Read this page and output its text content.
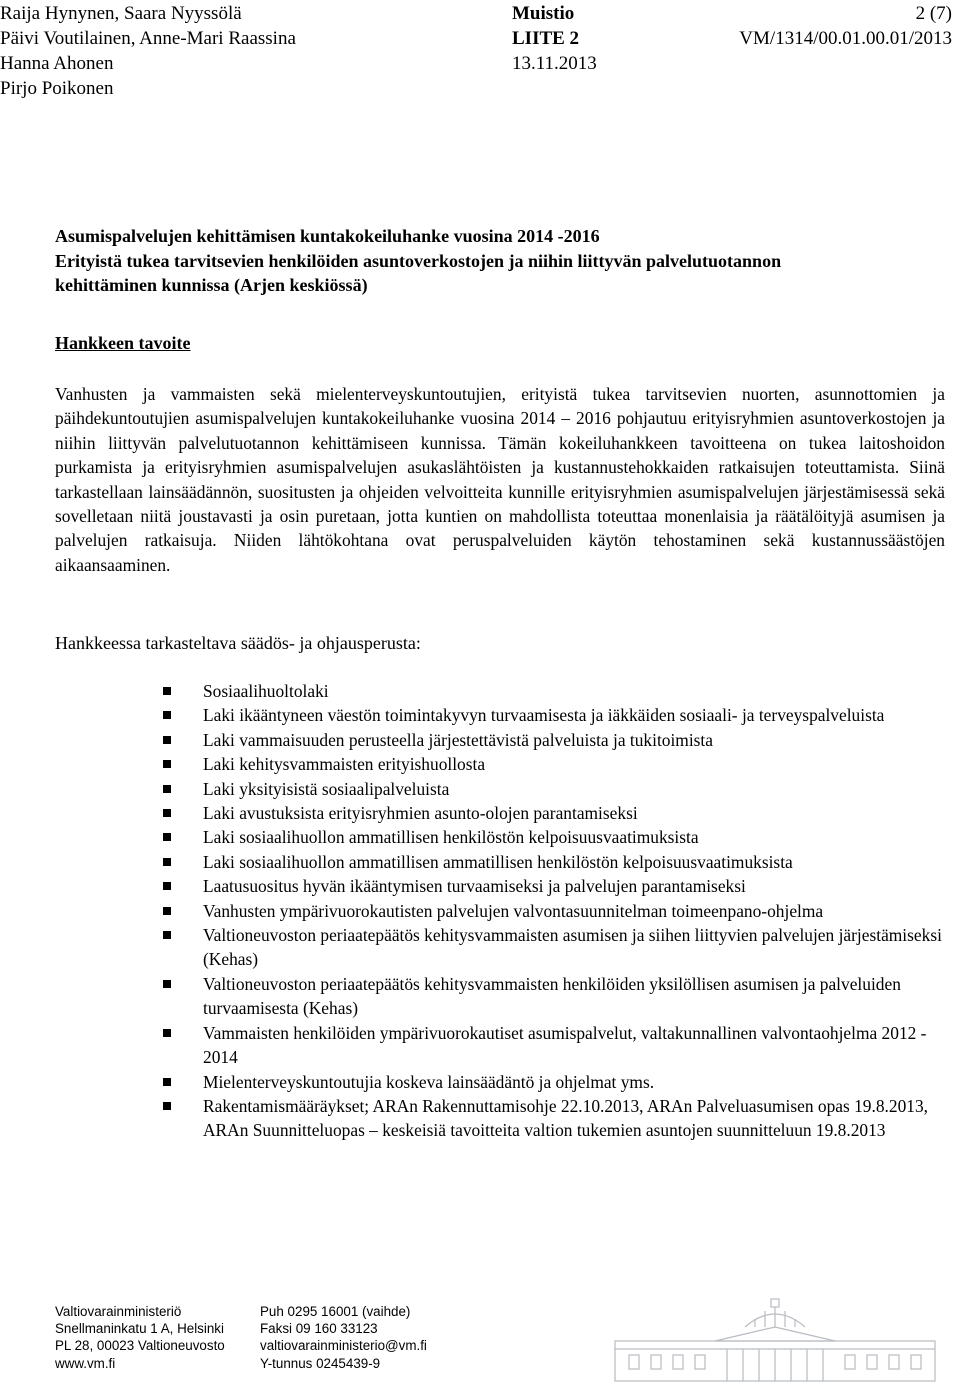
Raija Hynynen, Saara Nyyssölä
Päivi Voutilainen, Anne-Mari Raassina
Hanna Ahonen
Pirjo Poikonen
Muistio
LIITE 2
13.11.2013
2 (7)
VM/1314/00.01.00.01/2013
Asumispalvelujen kehittämisen kuntakokeiluhanke vuosina 2014 -2016
Erityistä tukea tarvitsevien henkilöiden asuntoverkostojen ja niihin liittyvän palvelutuotannon
kehittäminen kunnissa (Arjen keskiössä)
Hankkeen tavoite

Vanhusten ja vammaisten sekä mielenterveyskuntoutujien, erityistä tukea tarvitsevien nuorten, asunnottomien ja päihdekuntoutujien asumispalvelujen kuntakokeiluhanke vuosina 2014 – 2016 pohjautuu erityisryhmien asuntoverkostojen ja niihin liittyvän palvelutuotannon kehittämiseen kunnissa. Tämän kokeiluhankkeen tavoitteena on tukea laitoshoidon purkamista ja erityisryhmien asumispalvelujen asukaslähtöisten ja kustannustehokkaiden ratkaisujen toteuttamista. Siinä tarkastellaan lainsäädännön, suositusten ja ohjeiden velvoitteita kunnille erityisryhmien asumispalvelujen järjestämisessä sekä sovelletaan niitä joustavasti ja osin puretaan, jotta kuntien on mahdollista toteuttaa monenlaisia ja räätälöityjä asumisen ja palvelujen ratkaisuja. Niiden lähtökohtana ovat peruspalveluiden käytön tehostaminen sekä kustannussäästöjen aikaansaaminen.

Hankkeessa tarkasteltava säädös- ja ohjausperusta:
Sosiaalihuoltolaki
Laki ikääntyneen väestön toimintakyvyn turvaamisesta ja iäkkäiden sosiaali- ja terveyspalveluista
Laki vammaisuuden perusteella järjestettävistä palveluista ja tukitoimista
Laki kehitysvammaisten erityishuollosta
Laki yksityisistä sosiaalipalveluista
Laki avustuksista erityisryhmien asunto-olojen parantamiseksi
Laki sosiaalihuollon ammatillisen henkilöstön kelpoisuusvaatimuksista
Laki sosiaalihuollon ammatillisen ammatillisen henkilöstön kelpoisuusvaatimuksista
Laatusuositus hyvän ikääntymisen turvaamiseksi ja palvelujen parantamiseksi
Vanhusten ympärivuorokautisten palvelujen valvontasuunnitelman toimeenpano-ohjelma
Valtioneuvoston periaatepäätös kehitysvammaisten asumisen ja siihen liittyvien palvelujen järjestämiseksi (Kehas)
Valtioneuvoston periaatepäätös kehitysvammaisten henkilöiden yksilöllisen asumisen ja palveluiden turvaamisesta (Kehas)
Vammaisten henkilöiden ympärivuorokautiset asumispalvelut, valtakunnallinen valvontaohjelma 2012 - 2014
Mielenterveyskuntoutujia koskeva lainsäädäntö ja ohjelmat yms.
Rakentamismääräykset; ARAn Rakennuttamisohje 22.10.2013, ARAn Palveluasumisen opas 19.8.2013, ARAn Suunnitteluopas – keskeisiä tavoitteita valtion tukemien asuntojen suunnitteluun 19.8.2013
Valtiovarainministeriö
Snellmaninkatu 1 A, Helsinki
PL 28, 00023 Valtioneuvosto
www.vm.fi
Puh 0295 16001 (vaihde)
Faksi 09 160 33123
valtiovarainministerio@vm.fi
Y-tunnus 0245439-9
